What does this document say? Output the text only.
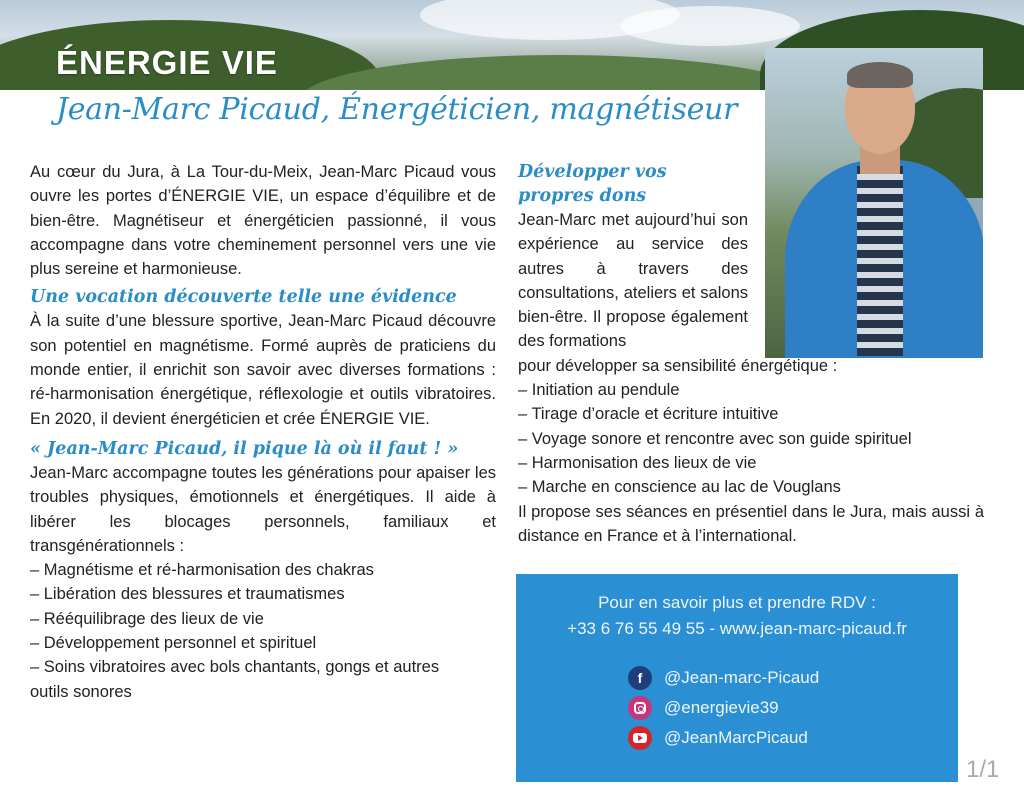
ÉNERGIE VIE
Jean-Marc Picaud, Énergéticien, magnétiseur

Au cœur du Jura, à La Tour-du-Meix, Jean-Marc Picaud vous ouvre les portes d’ÉNERGIE VIE, un espace d’équilibre et de bien-être. Magnétiseur et énergéticien passionné, il vous accompagne dans votre cheminement personnel vers une vie plus sereine et harmonieuse.

Une vocation découverte telle une évidence

À la suite d’une blessure sportive, Jean-Marc Picaud découvre son potentiel en magnétisme. Formé auprès de praticiens du monde entier, il enrichit son savoir avec diverses formations : ré-harmonisation énergétique, réflexologie et outils vibratoires. En 2020, il devient énergéticien et crée ÉNERGIE VIE.

« Jean-Marc Picaud, il pique là où il faut ! »

Jean-Marc accompagne toutes les générations pour apaiser les troubles physiques, émotionnels et énergétiques. Il aide à libérer les blocages personnels, familiaux et transgénérationnels :

– Magnétisme et ré-harmonisation des chakras
– Libération des blessures et traumatismes
– Rééquilibrage des lieux de vie
– Développement personnel et spirituel
– Soins vibratoires avec bols chantants, gongs et autres
outils sonores
Développer vos propres dons

Jean-Marc met aujourd’hui son expérience au service des autres à travers des consultations, ateliers et salons bien-être. Il propose également des formations

pour développer sa sensibilité énergétique :

– Initiation au pendule
– Tirage d’oracle et écriture intuitive
– Voyage sonore et rencontre avec son guide spirituel
– Harmonisation des lieux de vie
– Marche en conscience au lac de Vouglans

Il propose ses séances en présentiel dans le Jura, mais aussi à distance en France et à l’international.

Pour en savoir plus et prendre RDV :
+33 6 76 55 49 55 - www.jean-marc-picaud.fr
f	@Jean-marc-Picaud
@energievie39
@JeanMarcPicaud
1/1
